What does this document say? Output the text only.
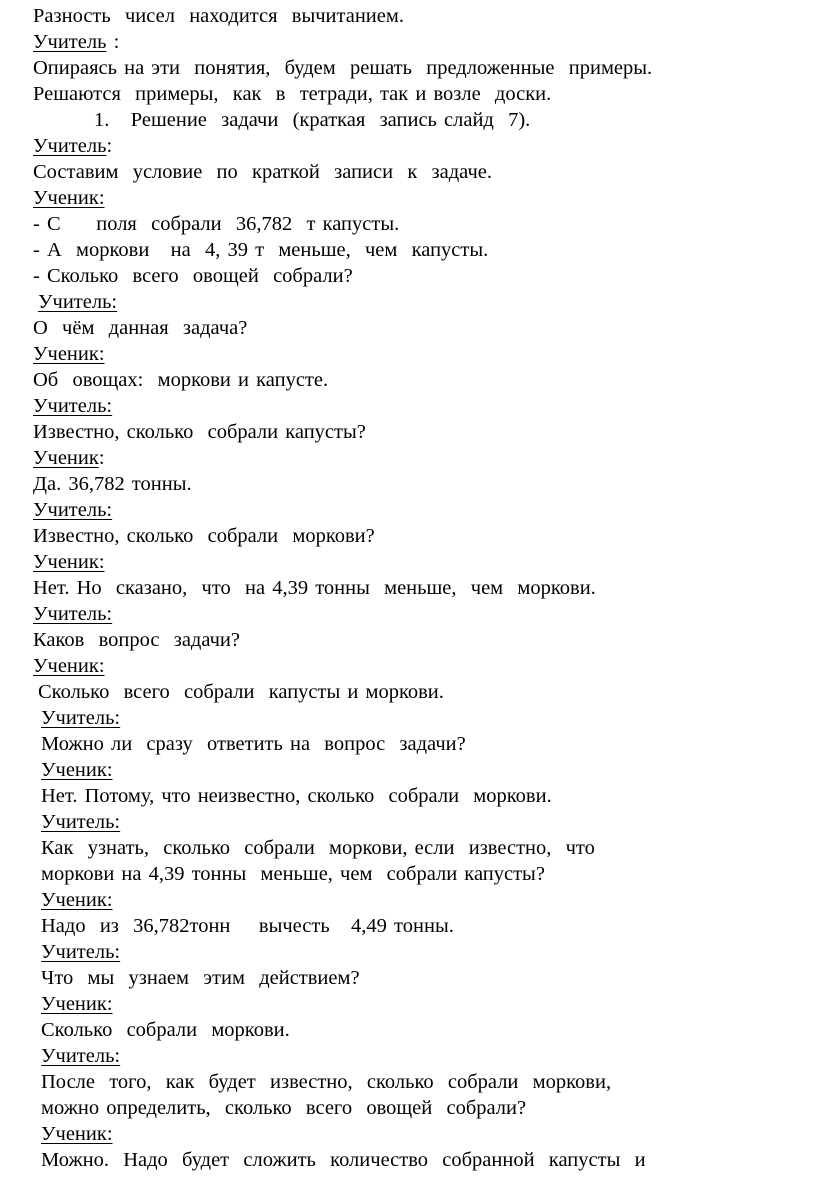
Разность  чисел  находится  вычитанием.
Учитель :
Опираясь на эти  понятия,  будем  решать  предложенные  примеры.
Решаются  примеры,  как  в  тетради, так и возле  доски.
1.   Решение  задачи  (краткая  запись слайд  7).
Учитель:
Составим  условие  по  краткой  записи  к  задаче.
Ученик:
- С     поля  собрали  36,782  т капусты.
- А  моркови   на  4, 39 т  меньше,  чем  капусты.
- Сколько  всего  овощей  собрали?
Учитель:
О  чём  данная  задача?
Ученик:
Об  овощах:  моркови и капусте.
Учитель:
Известно, сколько  собрали капусты?
Ученик:
Да. 36,782 тонны.
Учитель:
Известно, сколько  собрали  моркови?
Ученик:
Нет. Но  сказано,  что  на 4,39 тонны  меньше,  чем  моркови.
Учитель:
Каков  вопрос  задачи?
Ученик:
Сколько  всего  собрали  капусты и моркови.
Учитель:
Можно ли  сразу  ответить на  вопрос  задачи?
Ученик:
Нет. Потому, что неизвестно, сколько  собрали  моркови.
Учитель:
Как  узнать,  сколько  собрали  моркови, если  известно,  что
моркови на 4,39 тонны  меньше, чем  собрали капусты?
Ученик:
Надо  из  36,782тонн    вычесть   4,49 тонны.
Учитель:
Что  мы  узнаем  этим  действием?
Ученик:
Сколько  собрали  моркови.
Учитель:
После  того,  как  будет  известно,  сколько  собрали  моркови,
можно определить,  сколько  всего  овощей  собрали?
Ученик:
Можно.  Надо  будет  сложить  количество  собранной  капусты  и
